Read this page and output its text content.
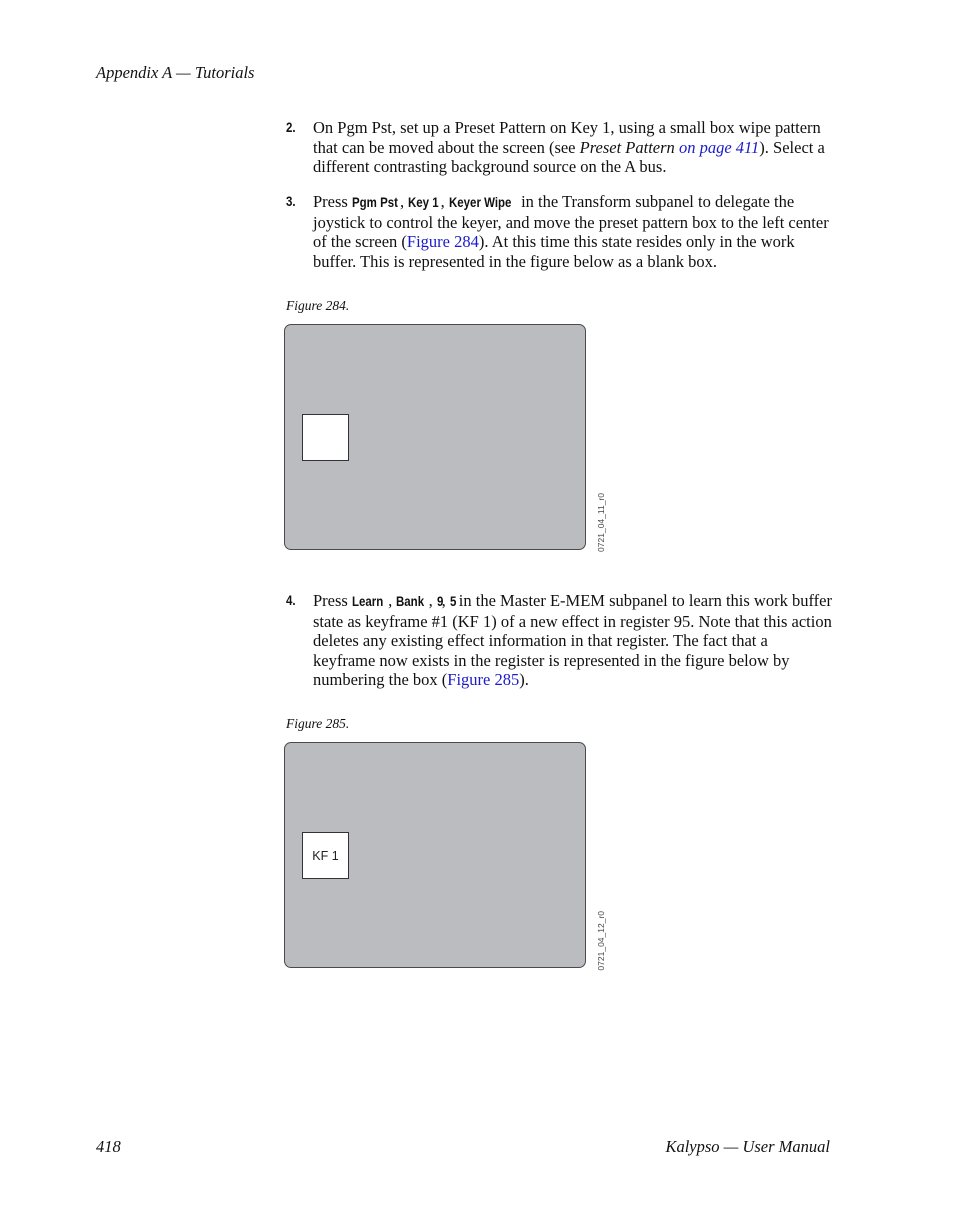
Appendix A — Tutorials
2. On Pgm Pst, set up a Preset Pattern on Key 1, using a small box wipe pattern that can be moved about the screen (see Preset Pattern on page 411). Select a different contrasting background source on the A bus.
3. Press Pgm Pst , Key 1 , Keyer Wipe in the Transform subpanel to delegate the joystick to control the keyer, and move the preset pattern box to the left center of the screen (Figure 284). At this time this state resides only in the work buffer. This is represented in the figure below as a blank box.
Figure 284.
0721_04_11_r0
4. Press Learn , Bank , 9, 5 in the Master E-MEM subpanel to learn this work buffer state as keyframe #1 (KF 1) of a new effect in register 95. Note that this action deletes any existing effect information in that register. The fact that a keyframe now exists in the register is represented in the figure below by numbering the box (Figure 285).
Figure 285.
KF 1
0721_04_12_r0
418	Kalypso — User Manual
